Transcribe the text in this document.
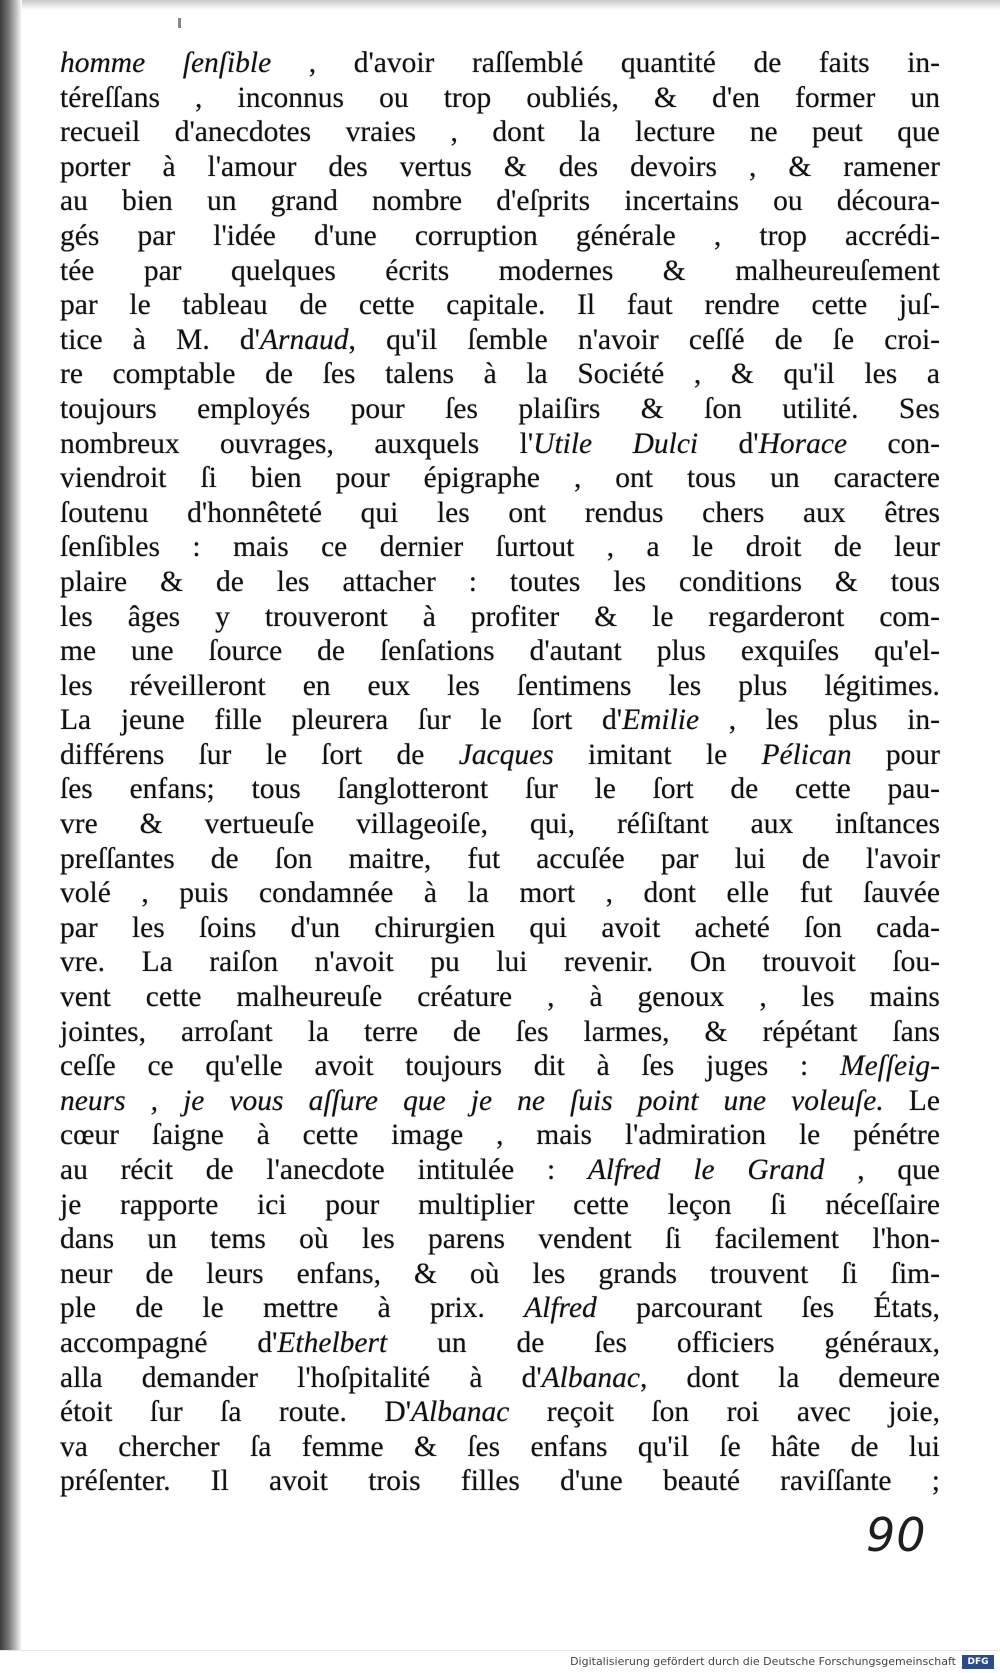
homme ſenſible , d'avoir raſſemblé quantité de faits in-
téreſſans , inconnus ou trop oubliés, & d'en former un
recueil d'anecdotes vraies , dont la lecture ne peut que
porter à l'amour des vertus & des devoirs , & ramener
au bien un grand nombre d'eſprits incertains ou découra-
gés par l'idée d'une corruption générale , trop accrédi-
tée par quelques écrits modernes & malheureuſement
par le tableau de cette capitale. Il faut rendre cette juſ-
tice à M. d'Arnaud, qu'il ſemble n'avoir ceſſé de ſe croi-
re comptable de ſes talens à la Société , & qu'il les a
toujours employés pour ſes plaiſirs & ſon utilité. Ses
nombreux ouvrages, auxquels l'Utile Dulci d'Horace con-
viendroit ſi bien pour épigraphe , ont tous un caractere
ſoutenu d'honnêteté qui les ont rendus chers aux êtres
ſenſibles : mais ce dernier ſurtout , a le droit de leur
plaire & de les attacher : toutes les conditions & tous
les âges y trouveront à profiter & le regarderont com-
me une ſource de ſenſations d'autant plus exquiſes qu'el-
les réveilleront en eux les ſentimens les plus légitimes.
La jeune fille pleurera ſur le ſort d'Emilie , les plus in-
différens ſur le ſort de Jacques imitant le Pélican pour
ſes enfans; tous ſanglotteront ſur le ſort de cette pau-
vre & vertueuſe villageoiſe, qui, réſiſtant aux inſtances
preſſantes de ſon maitre, fut accuſée par lui de l'avoir
volé , puis condamnée à la mort , dont elle fut ſauvée
par les ſoins d'un chirurgien qui avoit acheté ſon cada-
vre. La raiſon n'avoit pu lui revenir. On trouvoit ſou-
vent cette malheureuſe créature , à genoux , les mains
jointes, arroſant la terre de ſes larmes, & répétant ſans
ceſſe ce qu'elle avoit toujours dit à ſes juges : Meſſeig-
neurs , je vous aſſure que je ne ſuis point une voleuſe. Le
cœur ſaigne à cette image , mais l'admiration le pénétre
au récit de l'anecdote intitulée : Alfred le Grand , que
je rapporte ici pour multiplier cette leçon ſi néceſſaire
dans un tems où les parens vendent ſi facilement l'hon-
neur de leurs enfans, & où les grands trouvent ſi ſim-
ple de le mettre à prix. Alfred parcourant ſes États,
accompagné d'Ethelbert un de ſes officiers généraux,
alla demander l'hoſpitalité à d'Albanac, dont la demeure
étoit ſur ſa route. D'Albanac reçoit ſon roi avec joie,
va chercher ſa femme & ſes enfans qu'il ſe hâte de lui
préſenter. Il avoit trois filles d'une beauté raviſſante ;
90
Digitalisierung gefördert durch die Deutsche Forschungsgemeinschaft	DFG
